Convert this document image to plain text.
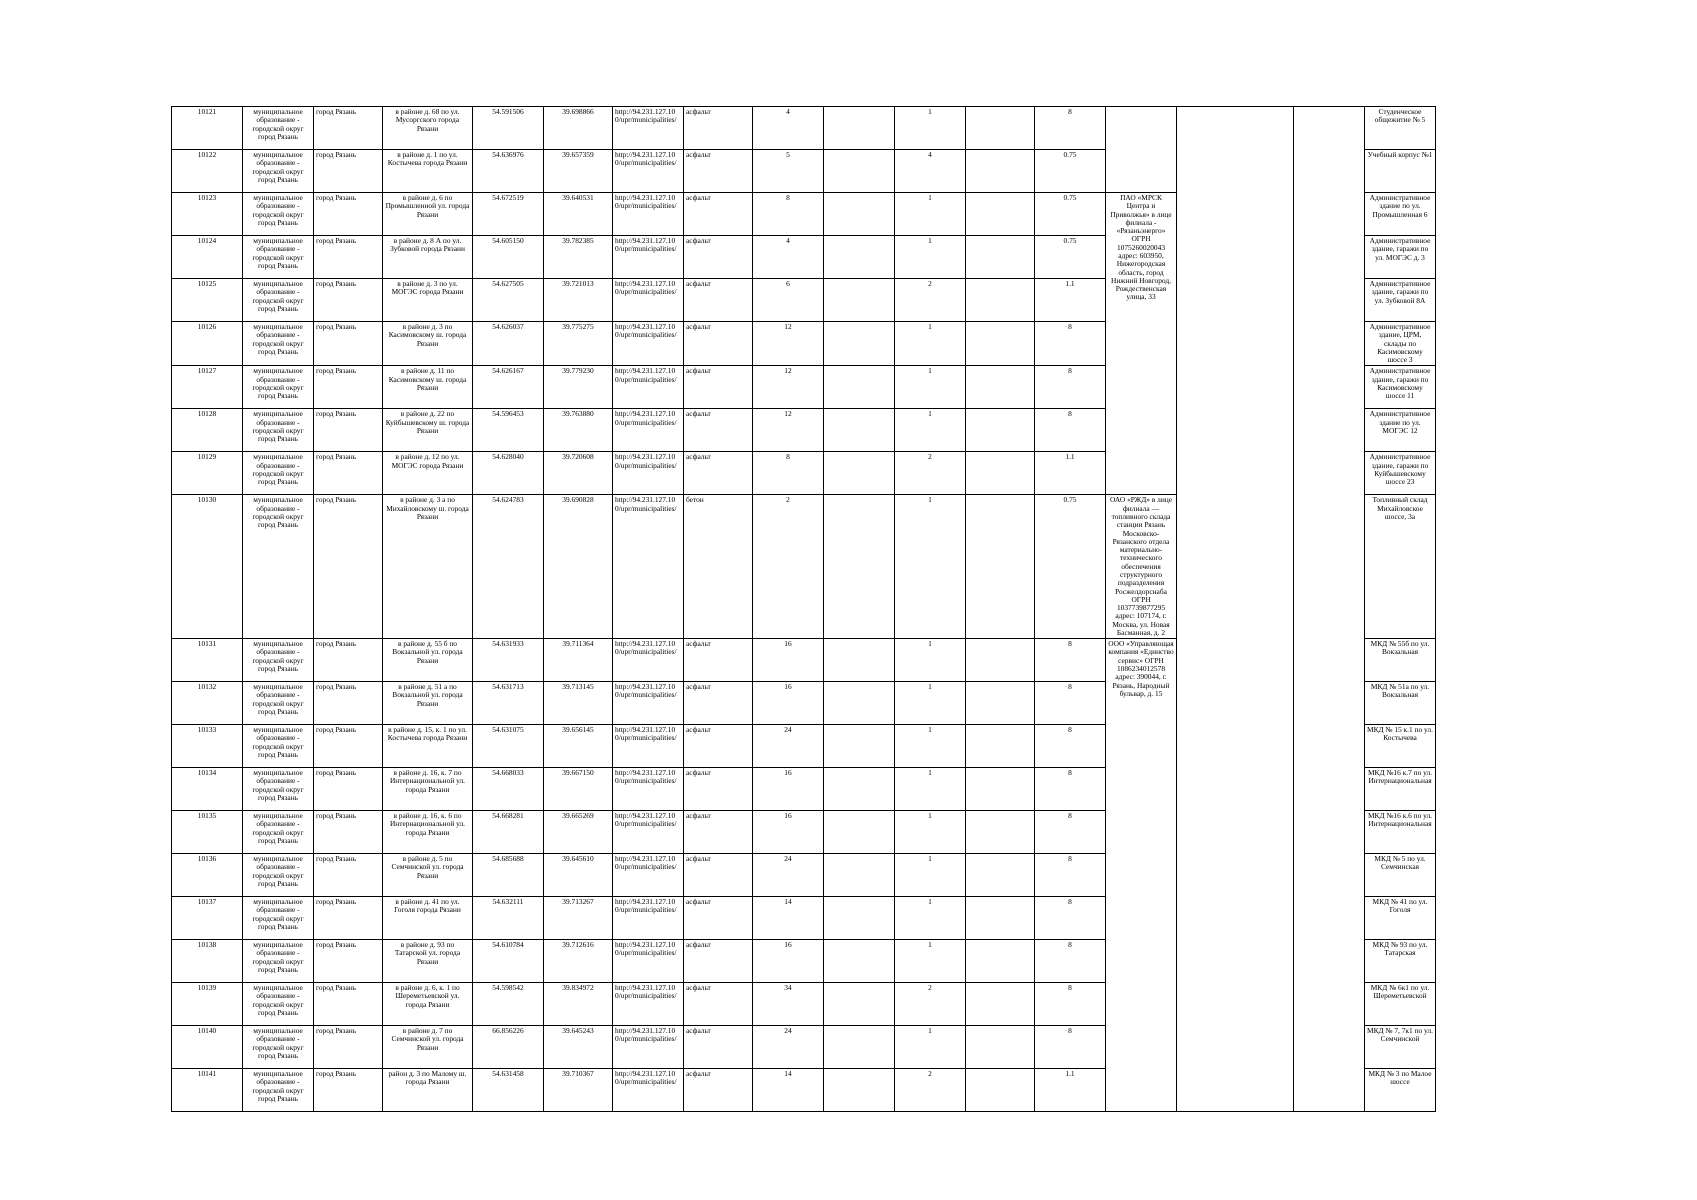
10121	муниципальное образование - городской округ город Рязань	город Рязань	в районе д. 68 по ул. Мусоргского города Рязани	54.591506	39.698866	http://94.231.127.10 0/upr/municipalities/	асфальт	4		1		8				Студенческое общежитие № 5
10122	муниципальное образование - городской округ город Рязань	город Рязань	в районе д. 1 по ул. Костычева города Рязани	54.636976	39.657359	http://94.231.127.10 0/upr/municipalities/	асфальт	5		4		0.75				Учебный корпус №1
10123	муниципальное образование - городской округ город Рязань	город Рязань	в районе д. 6 по Промышленной ул. города Рязани	54.672519	39.640531	http://94.231.127.10 0/upr/municipalities/	асфальт	8		1		0.75	ПАО «МРСК Центра и Приволжья» в лице филиала - «Рязаньэнерго» ОГРН 1075260020043 адрес: 603950, Нижегородская область, город Нижний Новгород, Рождественская улица, 33			Административное здание по ул. Промышленная 6
10124	муниципальное образование - городской округ город Рязань	город Рязань	в районе д. 8 А по ул. Зубковой города Рязани	54.605150	39.782385	http://94.231.127.10 0/upr/municipalities/	асфальт	4		1		0.75				Административное здание, гаражи по ул. МОГЭС д. 3
10125	муниципальное образование - городской округ город Рязань	город Рязань	в районе д. 3 по ул. МОГЭС города Рязани	54.627505	39.721013	http://94.231.127.10 0/upr/municipalities/	асфальт	6		2		1.1				Административное здание, гаражи по ул. Зубковой 8А
10126	муниципальное образование - городской округ город Рязань	город Рязань	в районе д. 3 по Касимовскому ш. города Рязани	54.626037	39.775275	http://94.231.127.10 0/upr/municipalities/	асфальт	12		1		8				Административное здание, ЦРМ, склады по Касимовскому шоссе 3
10127	муниципальное образование - городской округ город Рязань	город Рязань	в районе д. 11 по Касимовскому ш. города Рязани	54.626167	39.779230	http://94.231.127.10 0/upr/municipalities/	асфальт	12		1		8				Административное здание, гаражи по Касимовскому шоссе 11
10128	муниципальное образование - городской округ город Рязань	город Рязань	в районе д. 22 по Куйбышевскому ш. города Рязани	54.596453	39.763880	http://94.231.127.10 0/upr/municipalities/	асфальт	12		1		8				Административное здание по ул. МОГЭС 12
10129	муниципальное образование - городской округ город Рязань	город Рязань	в районе д. 12 по ул. МОГЭС города Рязани	54.628040	39.720608	http://94.231.127.10 0/upr/municipalities/	асфальт	8		2		1.1				Административное здание, гаражи по Куйбышевскому шоссе 23
10130	муниципальное образование - городской округ город Рязань	город Рязань	в районе д. 3 а по Михайловскому ш. города Рязани	54.624783	39.690828	http://94.231.127.10 0/upr/municipalities/	бетон	2		1		0.75	ОАО «РЖД» в лице филиала — топливного склада станции Рязань Московско- Рязанского отдела материально- технического обеспечения структурного подразделения Росжелдорснаба ОГРН 1037739877295 адрес: 107174, г. Москва, ул. Новая Басманная, д. 2			Топливный склад Михайловское шоссе, 3а
10131	муниципальное образование - городской округ город Рязань	город Рязань	в районе д. 55 б по Вокзальной ул. города Рязани	54.631933	39.711364	http://94.231.127.10 0/upr/municipalities/	асфальт	16		1		8	ООО «Управляющая компания «Единство сервис» ОГРН 1086234012578 адрес: 390044, г. Рязань, Народный бульвар, д. 15			МКД № 55б по ул. Вокзальная
10132	муниципальное образование - городской округ город Рязань	город Рязань	в районе д. 51 а по Вокзальной ул. города Рязани	54.631713	39.713145	http://94.231.127.10 0/upr/municipalities/	асфальт	16		1		8				МКД № 51а по ул. Вокзальная
10133	муниципальное образование - городской округ город Рязань	город Рязань	в районе д. 15, к. 1 по ул. Костычева города Рязани	54.631075	39.656145	http://94.231.127.10 0/upr/municipalities/	асфальт	24		1		8				МКД № 15 к.1 по ул. Костычева
10134	муниципальное образование - городской округ город Рязань	город Рязань	в районе д. 16, к. 7 по Интернациональной ул. города Рязани	54.668033	39.667150	http://94.231.127.10 0/upr/municipalities/	асфальт	16		1		8				МКД №16 к.7 по ул. Интернациональная
10135	муниципальное образование - городской округ город Рязань	город Рязань	в районе д. 16, к. 6 по Интернациональной ул. города Рязани	54.668281	39.665269	http://94.231.127.10 0/upr/municipalities/	асфальт	16		1		8				МКД №16 к.6 по ул. Интернациональная
10136	муниципальное образование - городской округ город Рязань	город Рязань	в районе д. 5 по Семчинской ул. города Рязани	54.685688	39.645610	http://94.231.127.10 0/upr/municipalities/	асфальт	24		1		8				МКД № 5 по ул. Семчинская
10137	муниципальное образование - городской округ город Рязань	город Рязань	в районе д. 41 по ул. Гоголя города Рязани	54.632111	39.713267	http://94.231.127.10 0/upr/municipalities/	асфальт	14		1		8				МКД № 41 по ул. Гоголя
10138	муниципальное образование - городской округ город Рязань	город Рязань	в районе д. 93 по Татарской ул. города Рязани	54.610784	39.712616	http://94.231.127.10 0/upr/municipalities/	асфальт	16		1		8				МКД № 93 по ул. Татарская
10139	муниципальное образование - городской округ город Рязань	город Рязань	в районе д. 6, к. 1 по Шереметьевской ул. города Рязани	54.598542	39.834972	http://94.231.127.10 0/upr/municipalities/	асфальт	34		2		8				МКД № 6к1 по ул. Шереметьевской
10140	муниципальное образование - городской округ город Рязань	город Рязань	в районе д. 7 по Семчинской ул. города Рязани	66.856226	39.645243	http://94.231.127.10 0/upr/municipalities/	асфальт	24		1		8				МКД № 7, 7к1 по ул. Семчинской
10141	муниципальное образование - городской округ город Рязань	город Рязань	район д. 3 по Малому ш. города Рязани	54.631458	39.710367	http://94.231.127.10 0/upr/municipalities/	асфальт	14		2		1.1				МКД № 3 по Малое шоссе
